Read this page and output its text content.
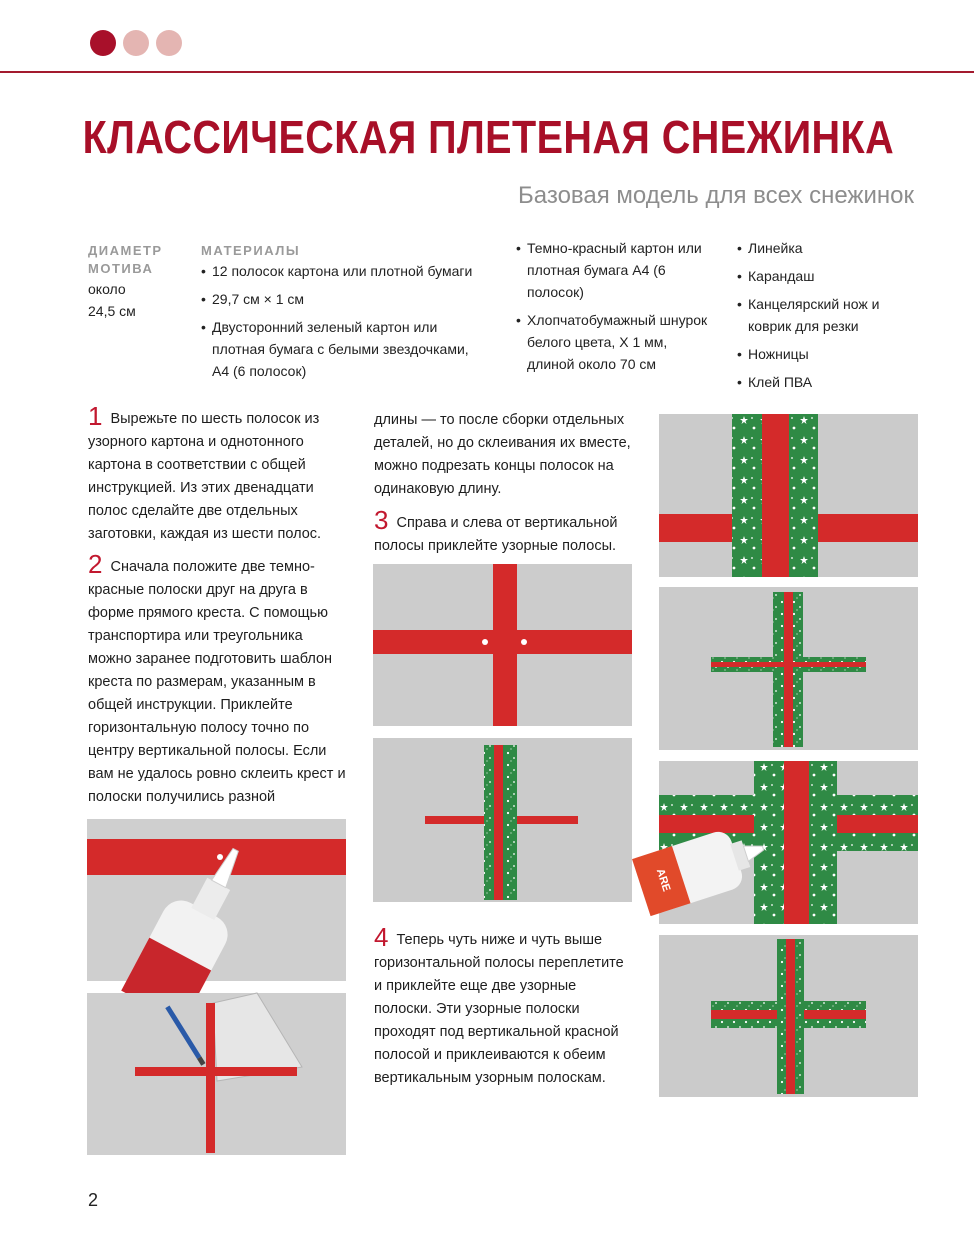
КЛАССИЧЕСКАЯ ПЛЕТЕНАЯ СНЕЖИНКА
Базовая модель для всех снежинок
ДИАМЕТР
МОТИВА
около
24,5 см
МАТЕРИАЛЫ
• 12 полосок картона или плотной бумаги
• 29,7 см × 1 см
• Двусторонний зеленый картон или плотная бумага с белыми звездочками, А4 (6 полосок)
• Темно-красный картон или плотная бумага А4 (6 полосок)
• Хлопчатобумажный шнурок белого цвета, X 1 мм, длиной около 70 см
• Линейка
• Карандаш
• Канцелярский нож и коврик для резки
• Ножницы
• Клей ПВА
1 Вырежьте по шесть полосок из узорного картона и однотонного картона в соответствии с общей инструкцией. Из этих двенадцати полос сделайте две отдельных заготовки, каждая из шести полос.
2 Сначала положите две темно-красные полоски друг на друга в форме прямого креста. С помощью транспортира или треугольника можно заранее подготовить шаблон креста по размерам, указанным в общей инструкции. Приклейте горизонтальную полосу точно по центру вертикальной полосы. Если вам не удалось ровно склеить крест и полоски получились разной
длины — то после сборки отдельных деталей, но до склеивания их вместе, можно подрезать концы полосок на одинаковую длину.
3 Справа и слева от вертикальной полосы приклейте узорные полосы.
4 Теперь чуть ниже и чуть выше горизонтальной полосы переплетите и приклейте еще две узорные полоски. Эти узорные полоски проходят под вертикальной красной полосой и приклеиваются к обеим вертикальным узорным полоскам.
ARE
2
